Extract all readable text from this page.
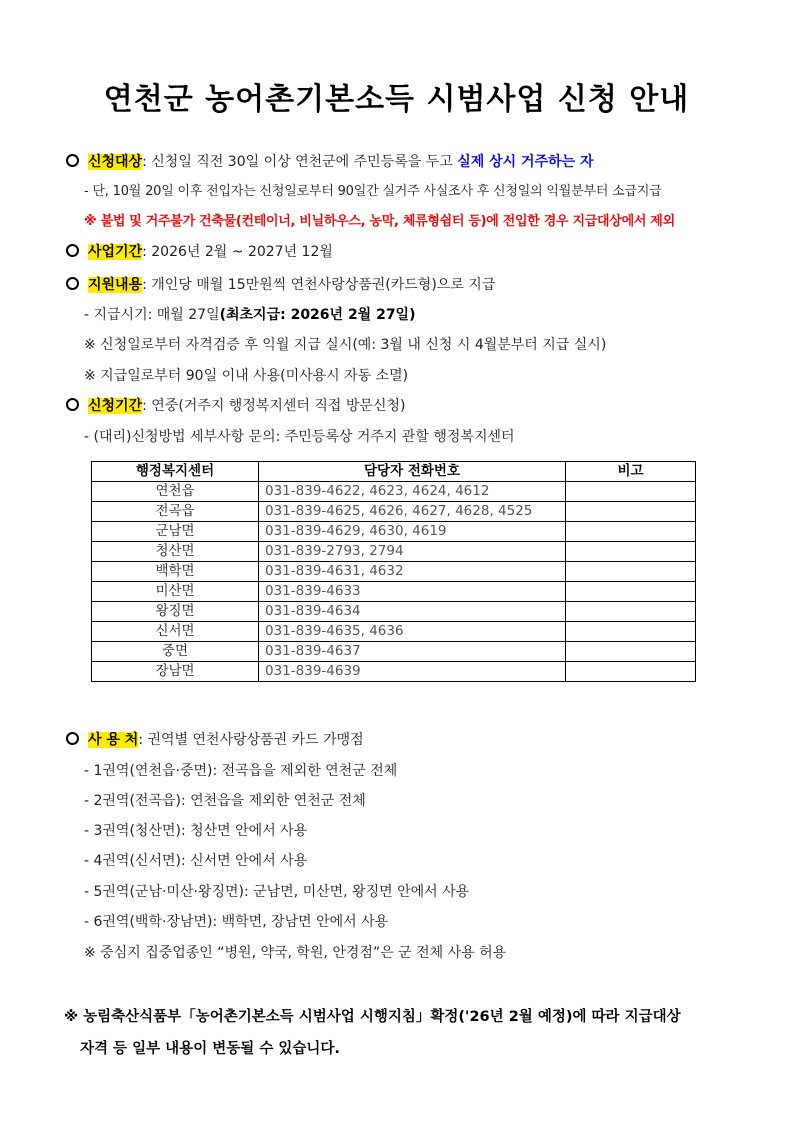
연천군 농어촌기본소득 시범사업 신청 안내
신청대상: 신청일 직전 30일 이상 연천군에 주민등록을 두고 실제 상시 거주하는 자
- 단, 10월 20일 이후 전입자는 신청일로부터 90일간 실거주 사실조사 후 신청일의 익월분부터 소급지급
※ 불법 및 거주불가 건축물(컨테이너, 비닐하우스, 농막, 체류형쉼터 등)에 전입한 경우 지급대상에서 제외
사업기간: 2026년 2월 ~ 2027년 12월
지원내용: 개인당 매월 15만원씩 연천사랑상품권(카드형)으로 지급
- 지급시기: 매월 27일(최초지급: 2026년 2월 27일)
※ 신청일로부터 자격검증 후 익월 지급 실시(예: 3월 내 신청 시 4월분부터 지급 실시)
※ 지급일로부터 90일 이내 사용(미사용시 자동 소멸)
신청기간: 연중(거주지 행정복지센터 직접 방문신청)
- (대리)신청방법 세부사항 문의: 주민등록상 거주지 관할 행정복지센터
행정복지센터	담당자 전화번호	비고
연천읍	031-839-4622, 4623, 4624, 4612	
전곡읍	031-839-4625, 4626, 4627, 4628, 4525	
군남면	031-839-4629, 4630, 4619	
청산면	031-839-2793, 2794	
백학면	031-839-4631, 4632	
미산면	031-839-4633	
왕징면	031-839-4634	
신서면	031-839-4635, 4636	
중면	031-839-4637	
장남면	031-839-4639	
사 용 처: 권역별 연천사랑상품권 카드 가맹점
- 1권역(연천읍·중면): 전곡읍을 제외한 연천군 전체
- 2권역(전곡읍): 연천읍을 제외한 연천군 전체
- 3권역(청산면): 청산면 안에서 사용
- 4권역(신서면): 신서면 안에서 사용
- 5권역(군남·미산·왕징면): 군남면, 미산면, 왕징면 안에서 사용
- 6권역(백학·장남면): 백학면, 장남면 안에서 사용
※ 중심지 집중업종인 “병원, 약국, 학원, 안경점”은 군 전체 사용 허용
※ 농림축산식품부「농어촌기본소득 시범사업 시행지침」확정('26년 2월 예정)에 따라 지급대상
자격 등 일부 내용이 변동될 수 있습니다.
